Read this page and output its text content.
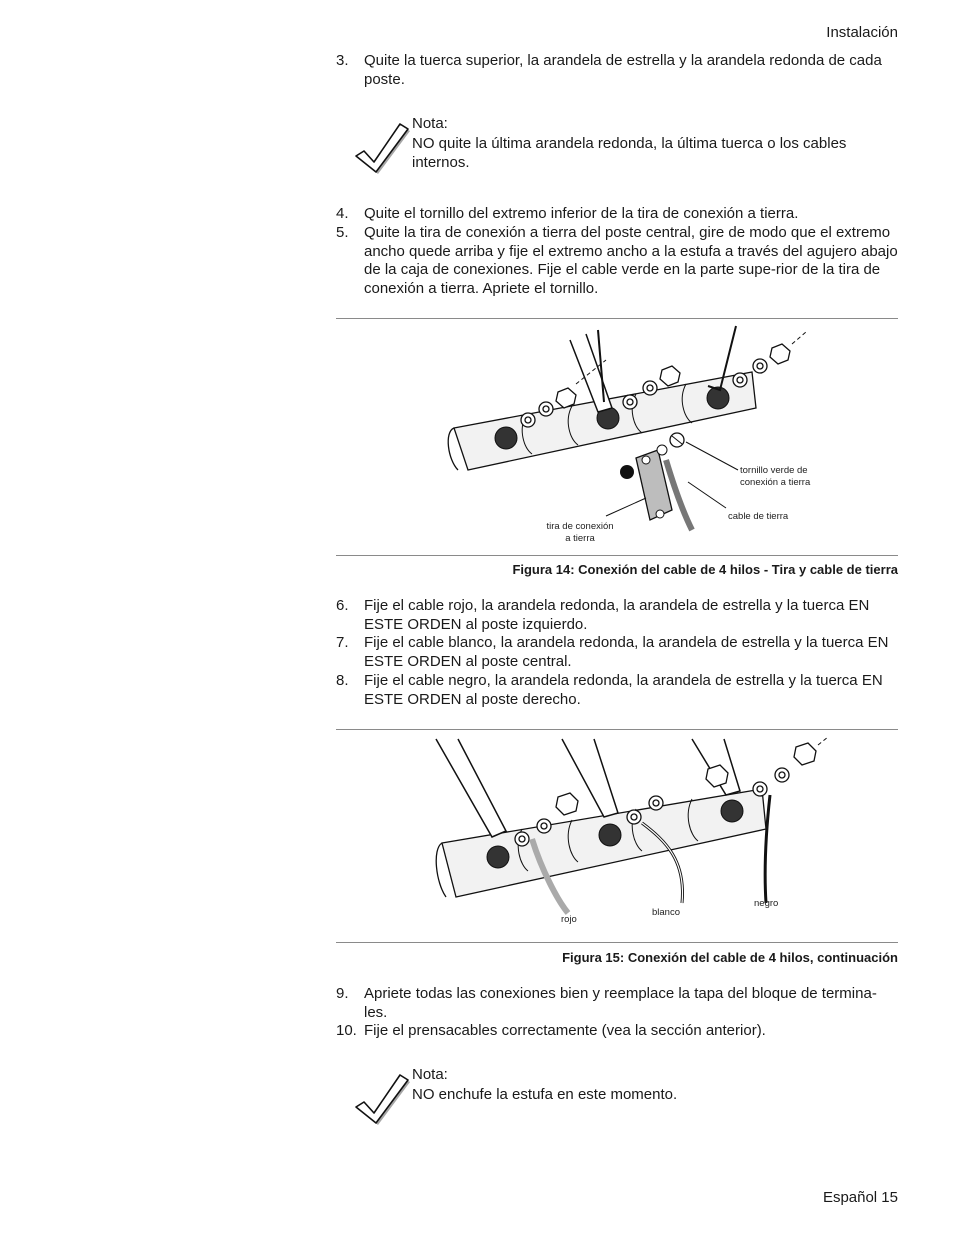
Instalación
3.	Quite la tuerca superior, la arandela de estrella y la arandela redonda de cada poste.
Nota:
NO quite la última arandela redonda, la última tuerca o los cables internos.
4.	Quite el tornillo del extremo inferior de la tira de conexión a tierra.
5.	Quite la tira de conexión a tierra del poste central, gire de modo que el extremo ancho quede arriba y fije el extremo ancho a la estufa a través del agujero abajo de la caja de conexiones. Fije el cable verde en la parte supe-rior de la tira de conexión a tierra. Apriete el tornillo.
tornillo verde de
conexión a tierra
cable de tierra
tira de conexión
a tierra
Figura 14: Conexión del cable de 4 hilos - Tira y cable de tierra
6.	Fije el cable rojo, la arandela redonda, la arandela de estrella y la tuerca EN ESTE ORDEN al poste izquierdo.
7.	Fije el cable blanco, la arandela redonda, la arandela de estrella y la tuerca EN ESTE ORDEN al poste central.
8.	Fije el cable negro, la arandela redonda, la arandela de estrella y la tuerca EN ESTE ORDEN al poste derecho.
rojo
blanco
negro
Figura 15: Conexión del cable de 4 hilos, continuación
9.	Apriete todas las conexiones bien y reemplace la tapa del bloque de termina-les.
10. Fije el prensacables correctamente (vea la sección anterior).
Nota:
NO enchufe la estufa en este momento.
Español 15
